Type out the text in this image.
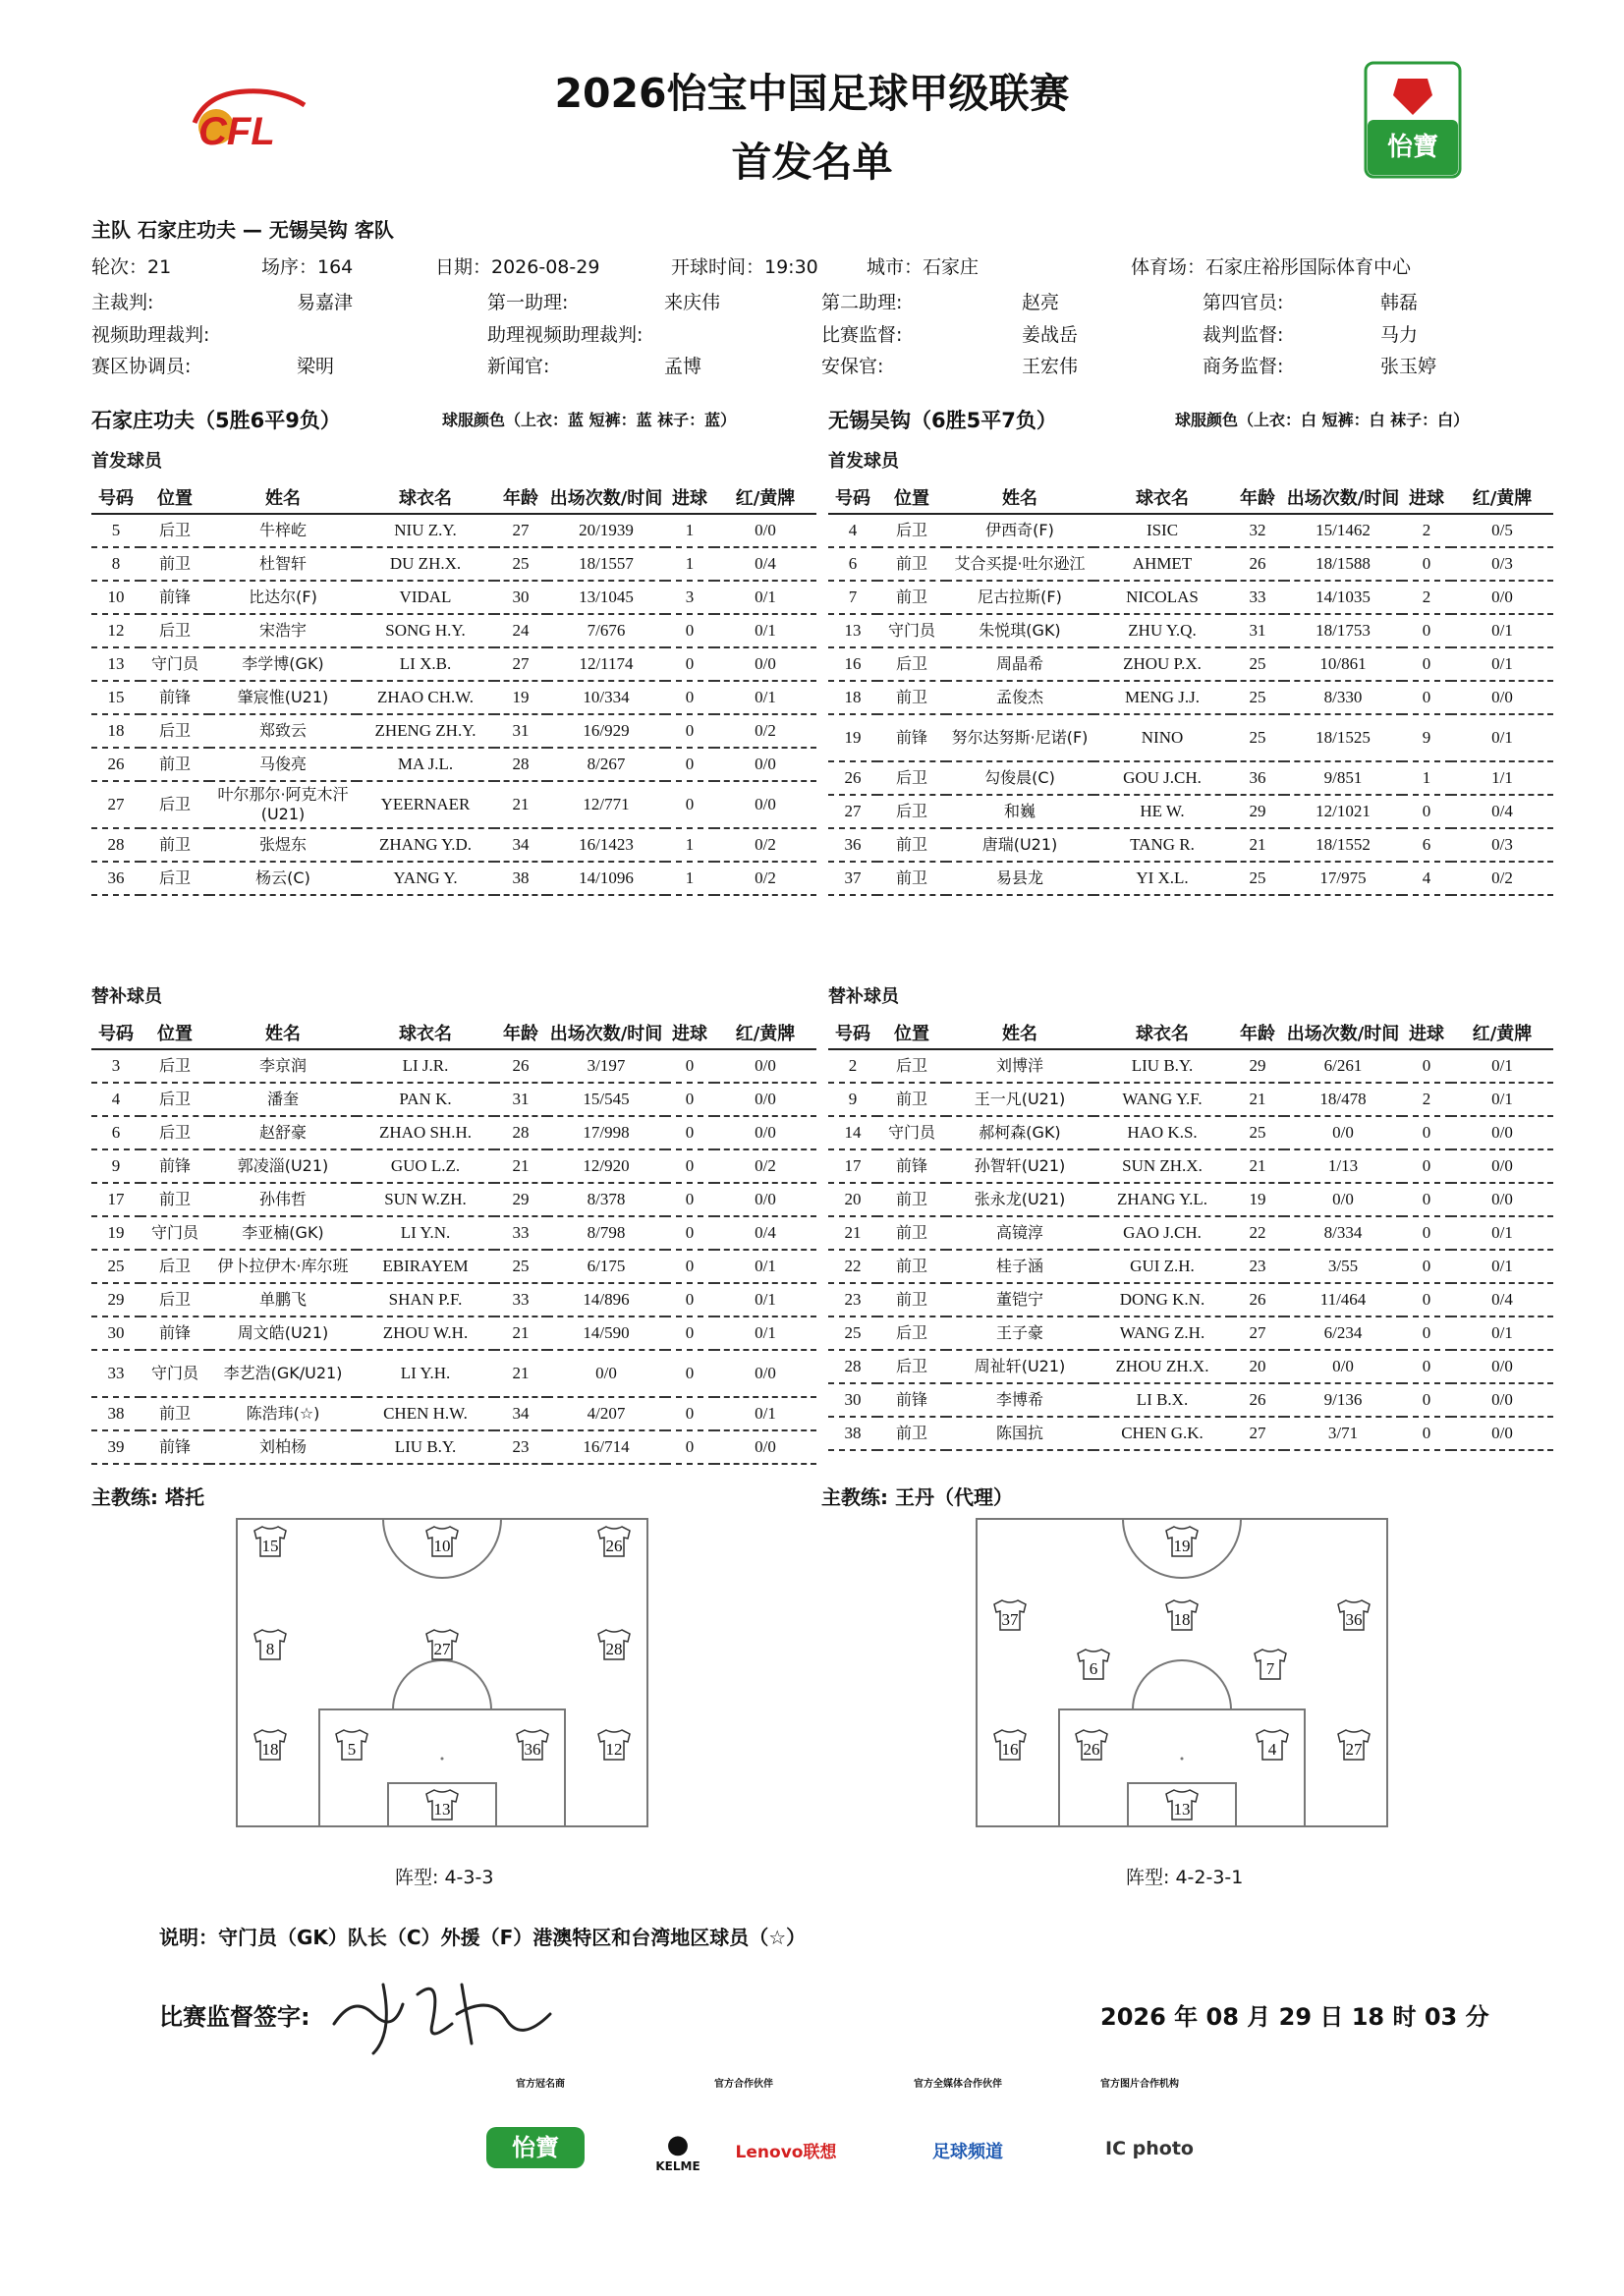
CFL
2026怡宝中国足球甲级联赛
首发名单	怡寶
主队 石家庄功夫 — 无锡吴钩 客队
轮次：21	场序：164	日期：2026-08-29	开球时间：19:30	城市：石家庄	体育场：石家庄裕彤国际体育中心
主裁判:	易嘉津	第一助理:	来庆伟	第二助理:	赵亮	第四官员:	韩磊
视频助理裁判:	助理视频助理裁判:	比赛监督:	姜战岳	裁判监督:	马力
赛区协调员:	梁明	新闻官:	孟博	安保官:	王宏伟	商务监督:	张玉婷
石家庄功夫（5胜6平9负）	球服颜色（上衣：蓝 短裤：蓝 袜子：蓝）	无锡吴钩（6胜5平7负）	球服颜色（上衣：白 短裤：白 袜子：白）
首发球员	首发球员
号码	位置	姓名	球衣名	年龄	出场次数/时间	进球	红/黄牌
5	后卫	牛梓屹	NIU Z.Y.	27	20/1939	1	0/0
8	前卫	杜智轩	DU ZH.X.	25	18/1557	1	0/4
10	前锋	比达尔(F)	VIDAL	30	13/1045	3	0/1
12	后卫	宋浩宇	SONG H.Y.	24	7/676	0	0/1
13	守门员	李学博(GK)	LI X.B.	27	12/1174	0	0/0
15	前锋	肇宸惟(U21)	ZHAO CH.W.	19	10/334	0	0/1
18	后卫	郑致云	ZHENG ZH.Y.	31	16/929	0	0/2
26	前卫	马俊亮	MA J.L.	28	8/267	0	0/0
27	后卫	叶尔那尔·阿克木汗(U21)	YEERNAER	21	12/771	0	0/0
28	前卫	张煜东	ZHANG Y.D.	34	16/1423	1	0/2
36	后卫	杨云(C)	YANG Y.	38	14/1096	1	0/2
号码	位置	姓名	球衣名	年龄	出场次数/时间	进球	红/黄牌
4	后卫	伊西奇(F)	ISIC	32	15/1462	2	0/5
6	前卫	艾合买提·吐尔逊江	AHMET	26	18/1588	0	0/3
7	前卫	尼古拉斯(F)	NICOLAS	33	14/1035	2	0/0
13	守门员	朱悦琪(GK)	ZHU Y.Q.	31	18/1753	0	0/1
16	后卫	周晶希	ZHOU P.X.	25	10/861	0	0/1
18	前卫	孟俊杰	MENG J.J.	25	8/330	0	0/0
19	前锋	努尔达努斯·尼诺(F)	NINO	25	18/1525	9	0/1
26	后卫	勾俊晨(C)	GOU J.CH.	36	9/851	1	1/1
27	后卫	和巍	HE W.	29	12/1021	0	0/4
36	前卫	唐瑞(U21)	TANG R.	21	18/1552	6	0/3
37	前卫	易县龙	YI X.L.	25	17/975	4	0/2
替补球员	替补球员
号码	位置	姓名	球衣名	年龄	出场次数/时间	进球	红/黄牌
3	后卫	李京润	LI J.R.	26	3/197	0	0/0
4	后卫	潘奎	PAN K.	31	15/545	0	0/0
6	后卫	赵舒豪	ZHAO SH.H.	28	17/998	0	0/0
9	前锋	郭凌淄(U21)	GUO L.Z.	21	12/920	0	0/2
17	前卫	孙伟哲	SUN W.ZH.	29	8/378	0	0/0
19	守门员	李亚楠(GK)	LI Y.N.	33	8/798	0	0/4
25	后卫	伊卜拉伊木·库尔班	EBIRAYEM	25	6/175	0	0/1
29	后卫	单鹏飞	SHAN P.F.	33	14/896	0	0/1
30	前锋	周文皓(U21)	ZHOU W.H.	21	14/590	0	0/1
33	守门员	李艺浩(GK/U21)	LI Y.H.	21	0/0	0	0/0
38	前卫	陈浩玮(☆)	CHEN H.W.	34	4/207	0	0/1
39	前锋	刘柏杨	LIU B.Y.	23	16/714	0	0/0
号码	位置	姓名	球衣名	年龄	出场次数/时间	进球	红/黄牌
2	后卫	刘博洋	LIU B.Y.	29	6/261	0	0/1
9	前卫	王一凡(U21)	WANG Y.F.	21	18/478	2	0/1
14	守门员	郝柯森(GK)	HAO K.S.	25	0/0	0	0/0
17	前锋	孙智轩(U21)	SUN ZH.X.	21	1/13	0	0/0
20	前卫	张永龙(U21)	ZHANG Y.L.	19	0/0	0	0/0
21	前卫	高镜淳	GAO J.CH.	22	8/334	0	0/1
22	前卫	桂子涵	GUI Z.H.	23	3/55	0	0/1
23	前卫	董铠宁	DONG K.N.	26	11/464	0	0/4
25	后卫	王子豪	WANG Z.H.	27	6/234	0	0/1
28	后卫	周祉轩(U21)	ZHOU ZH.X.	20	0/0	0	0/0
30	前锋	李博希	LI B.X.	26	9/136	0	0/0
38	前卫	陈国抗	CHEN G.K.	27	3/71	0	0/0
主教练: 塔托	主教练: 王丹（代理）
15	10	26
8	27	28
18	5	36	12
13
19
37	18	36
6	7
16	26	4	27
13
阵型: 4-3-3	阵型: 4-2-3-1
说明：守门员（GK）队长（C）外援（F）港澳特区和台湾地区球员（☆）
比赛监督签字:	2026 年 08 月 29 日 18 时 03 分
官方冠名商	官方合作伙伴	官方全媒体合作伙伴	官方图片合作机构
怡寶	●
KELME
Lenovo联想	足球频道	IC photo
